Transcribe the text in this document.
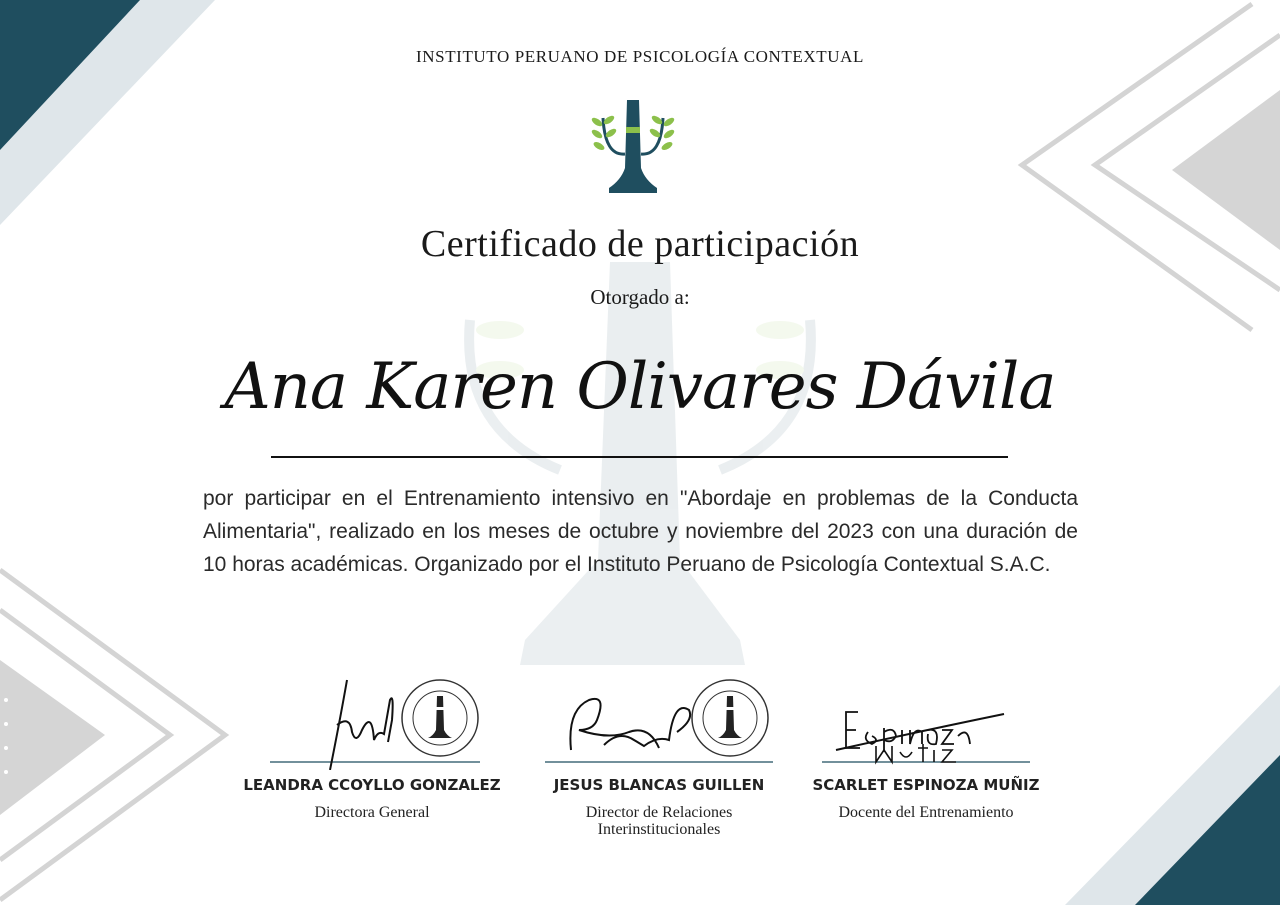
INSTITUTO PERUANO DE PSICOLOGÍA CONTEXTUAL
Certificado de participación
Otorgado a:
Ana Karen Olivares Dávila
por participar en el Entrenamiento intensivo en "Abordaje en problemas de la Conducta Alimentaria", realizado en los meses de octubre y noviembre del 2023 con una duración de 10 horas académicas. Organizado por el Instituto Peruano de Psicología Contextual S.A.C.
LEANDRA CCOYLLO GONZALEZ
Directora General
JESUS BLANCAS GUILLEN
Director de Relaciones Interinstitucionales
SCARLET ESPINOZA MUÑIZ
Docente del Entrenamiento
